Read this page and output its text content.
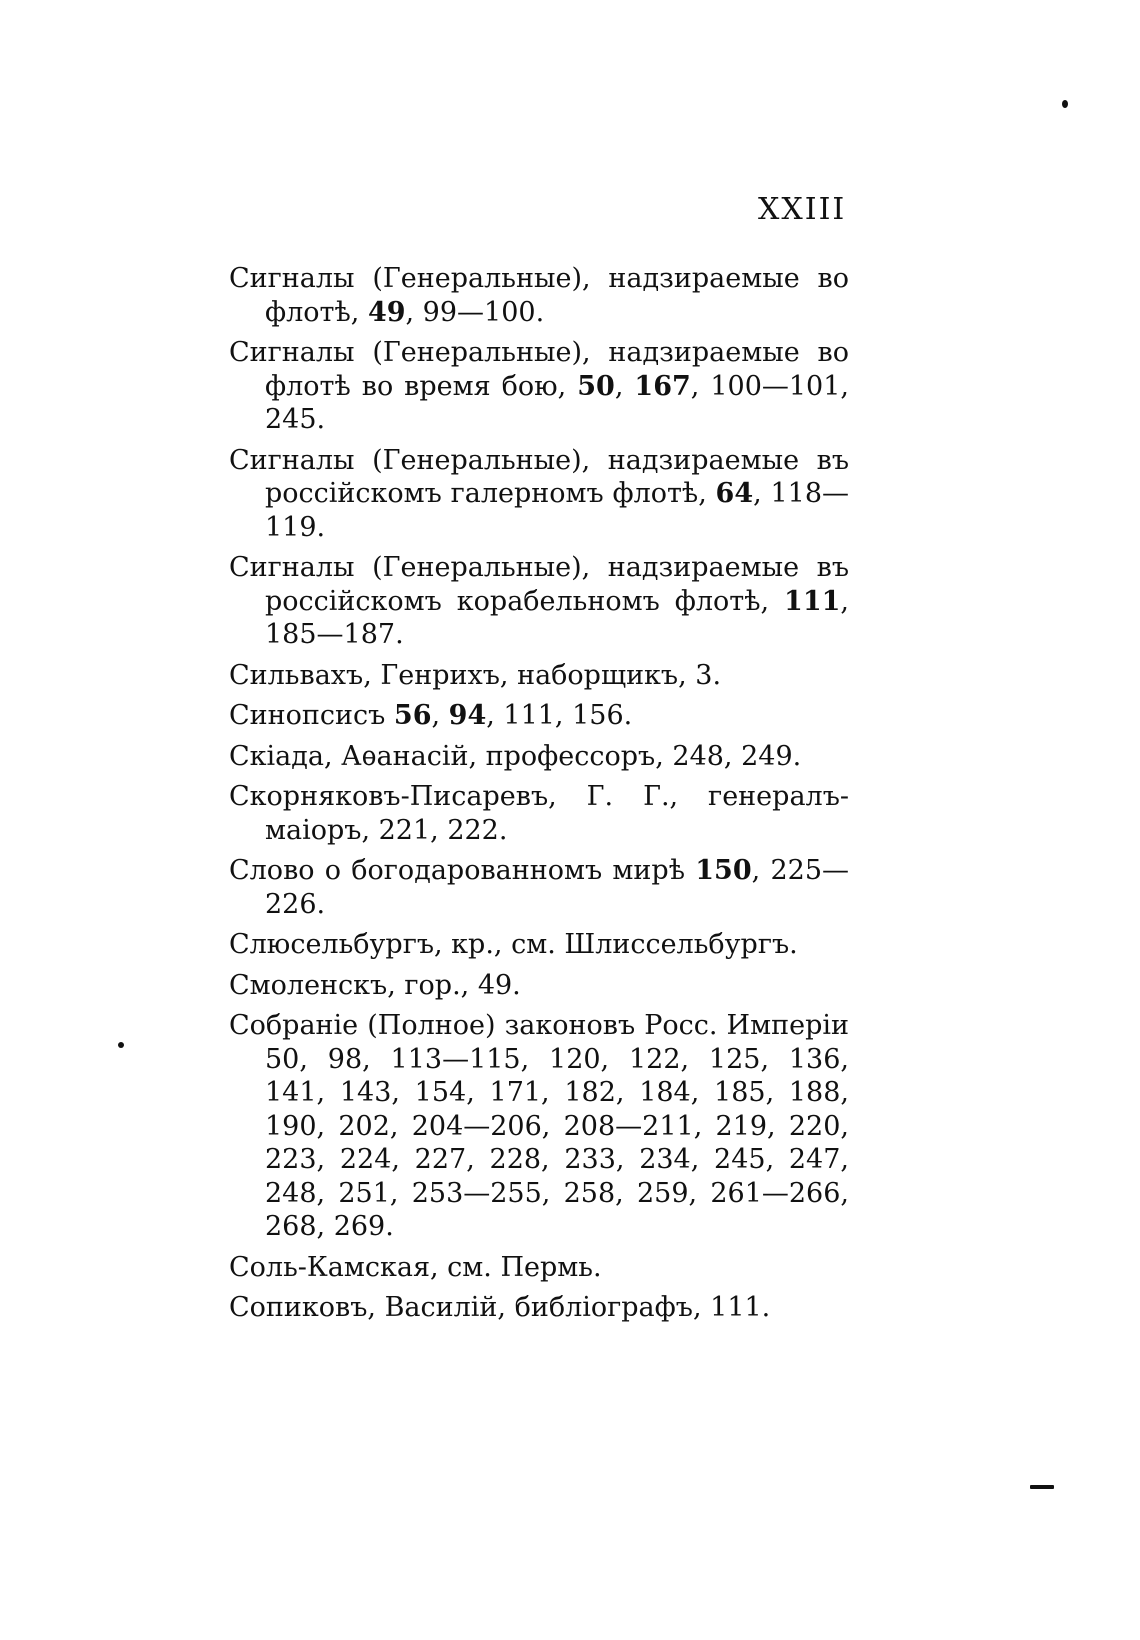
XXIII

Сигналы (Генеральные), надзираемые во флотѣ, 49, 99—100.

Сигналы (Генеральные), надзираемые во флотѣ во время бою, 50, 167, 100—101, 245.

Сигналы (Генеральные), надзираемые въ россійскомъ галерномъ флотѣ, 64, 118—119.

Сигналы (Генеральные), надзираемые въ россійскомъ корабельномъ флотѣ, 111, 185—187.

Сильвахъ, Генрихъ, наборщикъ, 3.

Синопсисъ 56, 94, 111, 156.

Скіада, Аѳанасій, профессоръ, 248, 249.

Скорняковъ-Писаревъ, Г. Г., генералъ-маіоръ, 221, 222.

Слово о богодарованномъ мирѣ 150, 225—226.

Слюсельбургъ, кр., см. Шлиссельбургъ.

Смоленскъ, гор., 49.

Собраніе (Полное) законовъ Росс. Имперіи 50, 98, 113—115, 120, 122, 125, 136, 141, 143, 154, 171, 182, 184, 185, 188, 190, 202, 204—206, 208—211, 219, 220, 223, 224, 227, 228, 233, 234, 245, 247, 248, 251, 253—255, 258, 259, 261—266, 268, 269.

Соль-Камская, см. Пермь.

Сопиковъ, Василій, библіографъ, 111.
